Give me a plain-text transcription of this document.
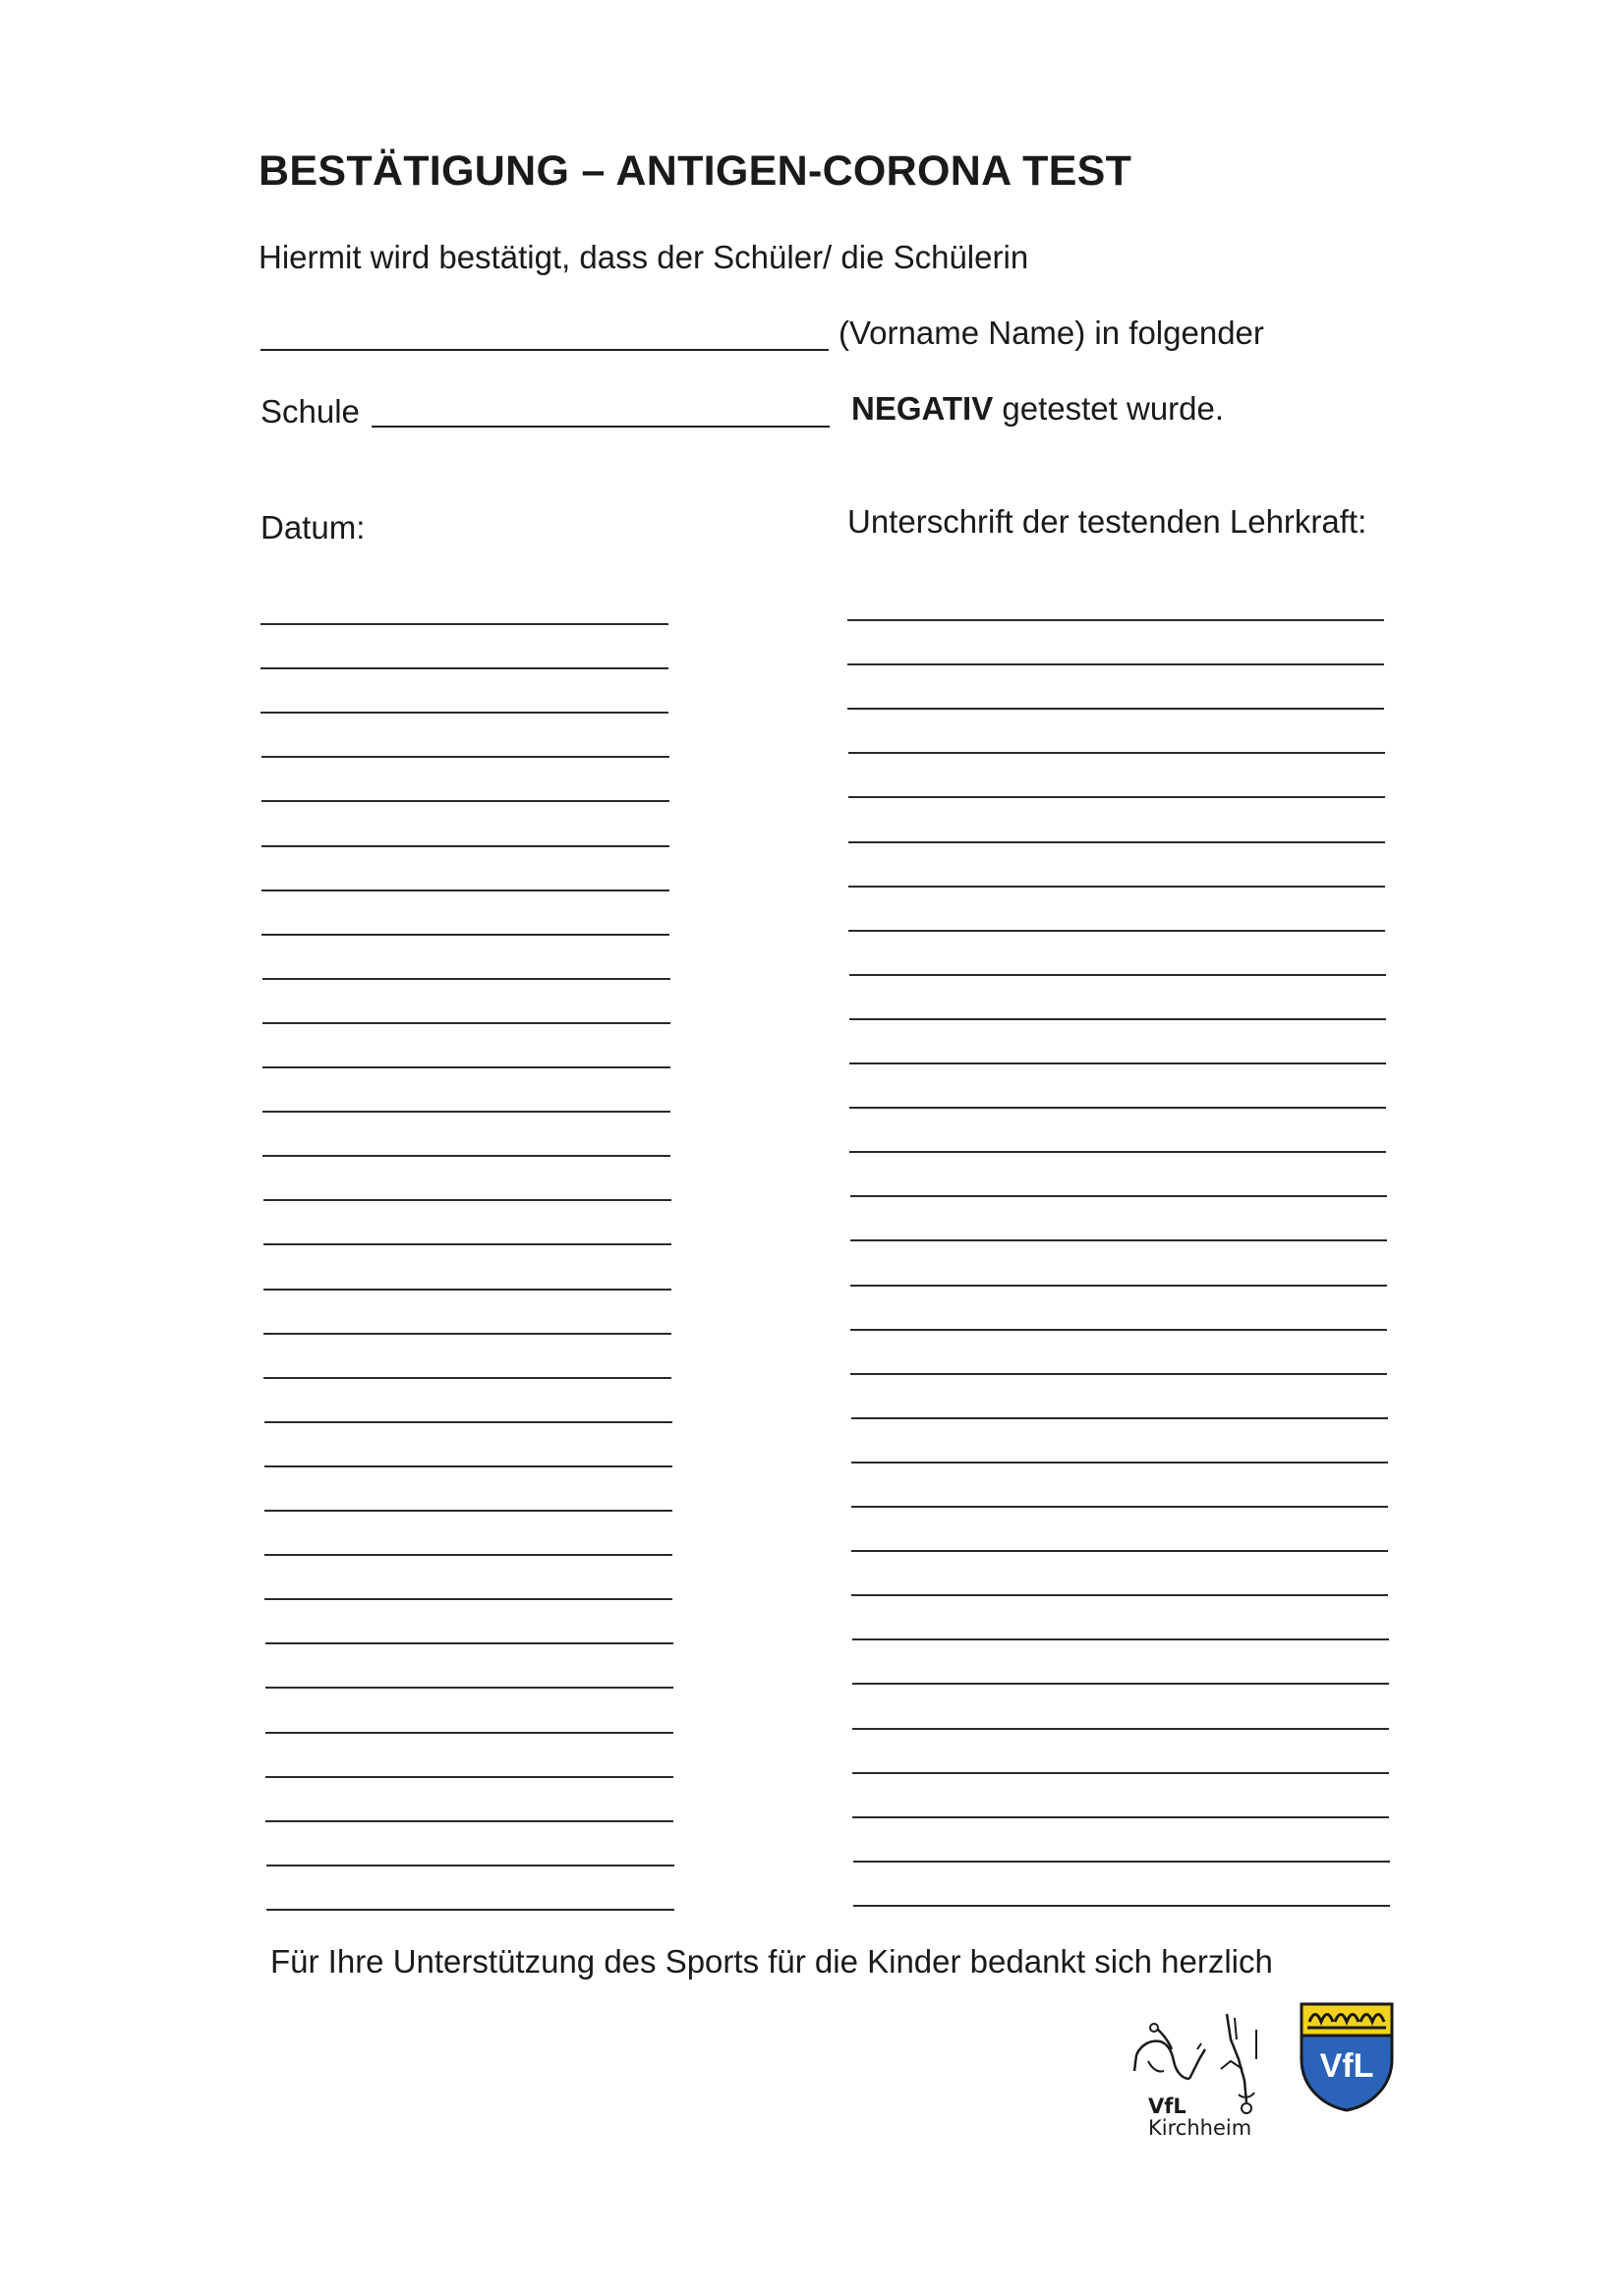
BESTÄTIGUNG – ANTIGEN-CORONA TEST
Hiermit wird bestätigt, dass der Schüler/ die Schülerin
(Vorname Name) in folgender
Schule	NEGATIV getestet wurde.
Datum:	Unterschrift der testenden Lehrkraft:
Für Ihre Unterstützung des Sports für die Kinder bedankt sich herzlich
VfL
Kirchheim
VfL
